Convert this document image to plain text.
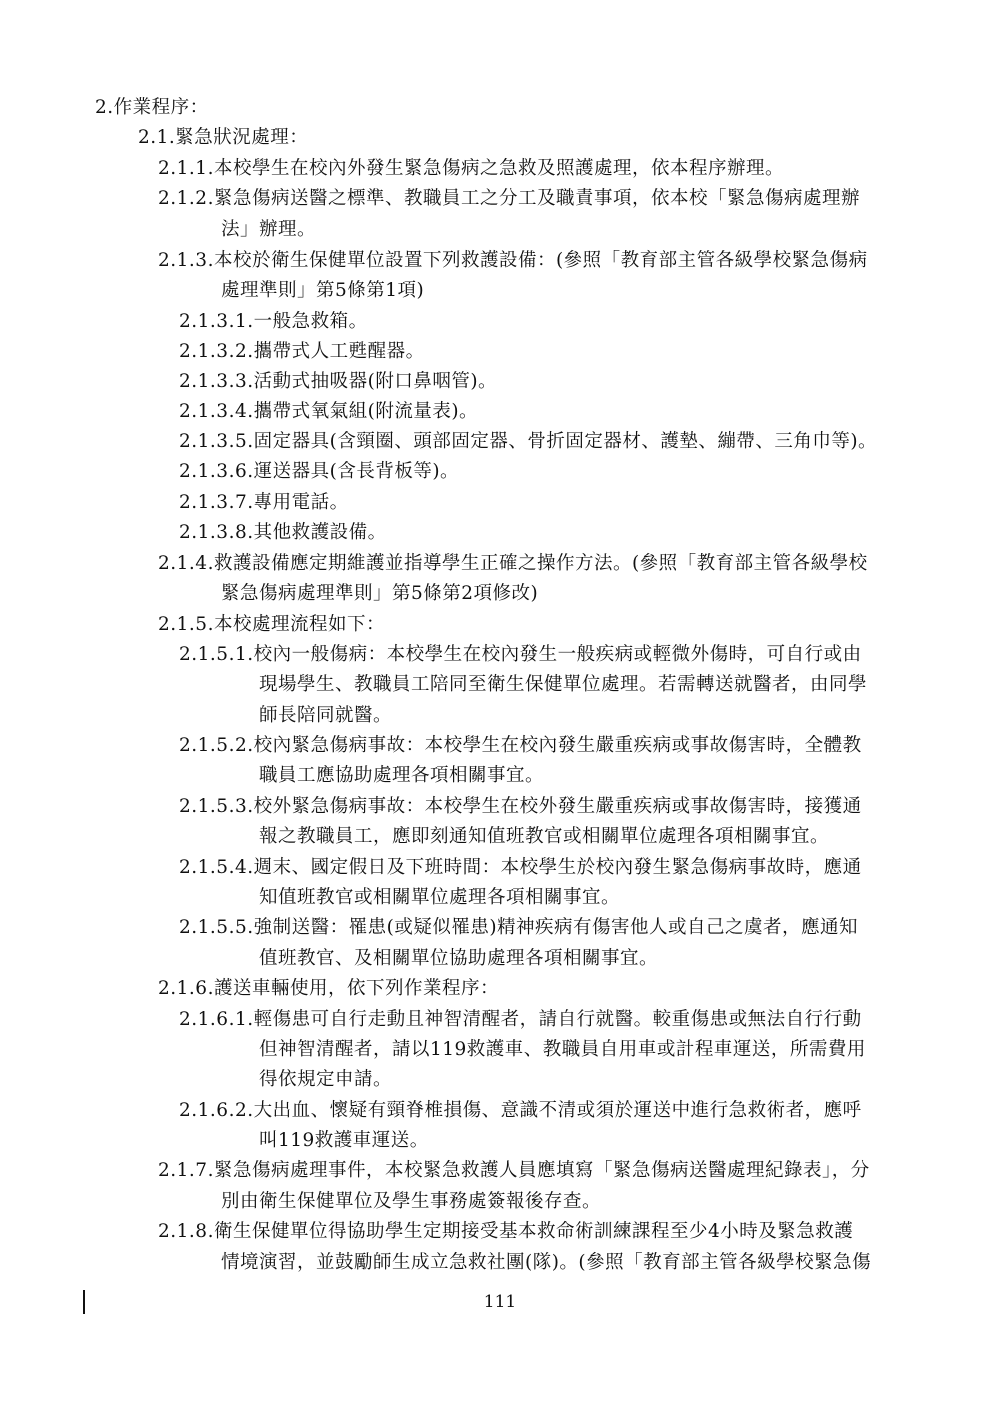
2.作業程序：
2.1.緊急狀況處理：
2.1.1.本校學生在校內外發生緊急傷病之急救及照護處理，依本程序辦理。
2.1.2.緊急傷病送醫之標準、教職員工之分工及職責事項，依本校「緊急傷病處理辦
法」辦理。
2.1.3.本校於衛生保健單位設置下列救護設備：(參照「教育部主管各級學校緊急傷病
處理準則」第5條第1項)
2.1.3.1.一般急救箱。
2.1.3.2.攜帶式人工甦醒器。
2.1.3.3.活動式抽吸器(附口鼻咽管)。
2.1.3.4.攜帶式氧氣組(附流量表)。
2.1.3.5.固定器具(含頸圈、頭部固定器、骨折固定器材、護墊、繃帶、三角巾等)。
2.1.3.6.運送器具(含長背板等)。
2.1.3.7.專用電話。
2.1.3.8.其他救護設備。
2.1.4.救護設備應定期維護並指導學生正確之操作方法。(參照「教育部主管各級學校
緊急傷病處理準則」第5條第2項修改)
2.1.5.本校處理流程如下：
2.1.5.1.校內一般傷病：本校學生在校內發生一般疾病或輕微外傷時，可自行或由
現場學生、教職員工陪同至衛生保健單位處理。若需轉送就醫者，由同學
師長陪同就醫。
2.1.5.2.校內緊急傷病事故：本校學生在校內發生嚴重疾病或事故傷害時，全體教
職員工應協助處理各項相關事宜。
2.1.5.3.校外緊急傷病事故：本校學生在校外發生嚴重疾病或事故傷害時，接獲通
報之教職員工，應即刻通知值班教官或相關單位處理各項相關事宜。
2.1.5.4.週末、國定假日及下班時間：本校學生於校內發生緊急傷病事故時，應通
知值班教官或相關單位處理各項相關事宜。
2.1.5.5.強制送醫：罹患(或疑似罹患)精神疾病有傷害他人或自己之虞者，應通知
值班教官、及相關單位協助處理各項相關事宜。
2.1.6.護送車輛使用，依下列作業程序：
2.1.6.1.輕傷患可自行走動且神智清醒者，請自行就醫。較重傷患或無法自行行動
但神智清醒者，請以119救護車、教職員自用車或計程車運送，所需費用
得依規定申請。
2.1.6.2.大出血、懷疑有頸脊椎損傷、意識不清或須於運送中進行急救術者，應呼
叫119救護車運送。
2.1.7.緊急傷病處理事件，本校緊急救護人員應填寫「緊急傷病送醫處理紀錄表」，分
別由衛生保健單位及學生事務處簽報後存查。
2.1.8.衛生保健單位得協助學生定期接受基本救命術訓練課程至少4小時及緊急救護
情境演習，並鼓勵師生成立急救社團(隊)。(參照「教育部主管各級學校緊急傷
111
